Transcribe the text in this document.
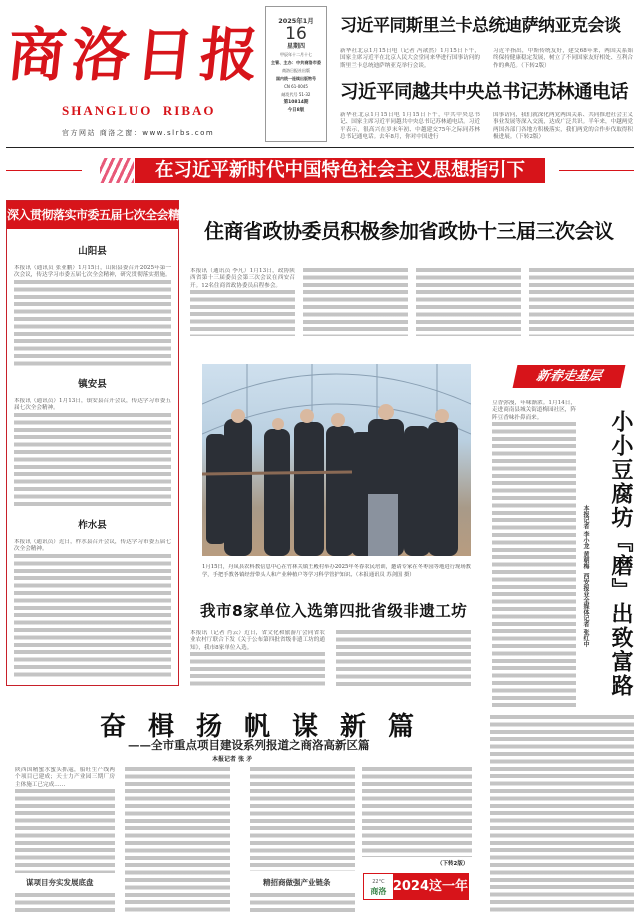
商洛日报
SHANGLUO  RIBAO
官方网站 商洛之窗：www.slrbs.com
2025年1月
16
星期四
甲辰年十二月十七
主管、主办：中共商洛市委
商洛日报社出版
国内统一连续出版物号
CN 61-0045
邮发代号 51-32
第10814期
今日8版
习近平同斯里兰卡总统迪萨纳亚克会谈
新华社北京1月15日电（记者 冯歆然）1月15日下午，国家主席习近平在北京人民大会堂同来华进行国事访问的斯里兰卡总统迪萨纳亚克举行会谈。
习近平指出，中斯传统友好，建交68年来，两国关系始终保持健康稳定发展，树立了不同国家友好相处、互利合作的典范。（下转2版）
习近平同越共中央总书记苏林通电话
新华社北京1月15日电 1月15日下午，中共中央总书记、国家主席习近平同越共中央总书记苏林通电话。习近平表示，很高兴在岁末年初、中越建交75年之际同苏林总书记通电话。去年8月，你对中国进行
国事访问，我们就深化两党两国关系、共同推进社会主义事业发展等深入交流，达成广泛共识。半年来，中越两党两国各部门各地方积极落实，我们两党的合作步伐取得积极进展。（下转2版）
在习近平新时代中国特色社会主义思想指引下
深入贯彻落实市委五届七次全会精神
山阳县
本报讯（通讯员 张亚鹏）1月15日，山阳县委召开2025年第一次会议，传达学习市委五届七次全会精神，研究贯彻落实措施。
镇安县
本报讯（通讯员）1月13日，镇安县召开会议，传达学习市委五届七次全会精神。
柞水县
本报讯（通讯员）近日，柞水县召开会议，传达学习市委五届七次全会精神。
住商省政协委员积极参加省政协十三届三次会议
本报讯（通讯员 李凡）1月13日，政协陕西省第十三届委员会第三次会议在西安召开。12名住商省政协委员启程参会。
1月15日，丹凤县农科教信息中心在竹林关镇王殿村举办2025年冬春农民培训，邀请专家在冬枣园等地进行现场教学，手把手教各镇经营带头人和产业种植户等学习科学管护知识。（本报通讯员 苏剑国 摄）
我市8家单位入选第四批省级非遗工坊
本报讯（记者 肖云）近日，省文化和旅游厅会同省农业农村厅联合下发《关于公布第四批省级非遗工坊的通知》，我市8家单位入选。
新春走基层
小小豆腐坊『磨』出致富路
本报记者 李小龙 黄朝梅  西安报业全媒体记者 张红中
豆香弥漫，年味渐浓。1月14日，走进商南县城关街道梅园社区，阵阵豆香味扑鼻而来。
奋楫扬帆谋新篇
——全市重点项目建设系列报道之商洛高新区篇
本报记者 张 矛
陕西国精蜜水蜜头抓蔻，船旺生产线两个项目已建成；天士力产业园三期厂房主体施工已完成……
谋项目夯实发展底盘	精招商做强产业链条
（下转2版）
22°C
商洛 2024这一年
